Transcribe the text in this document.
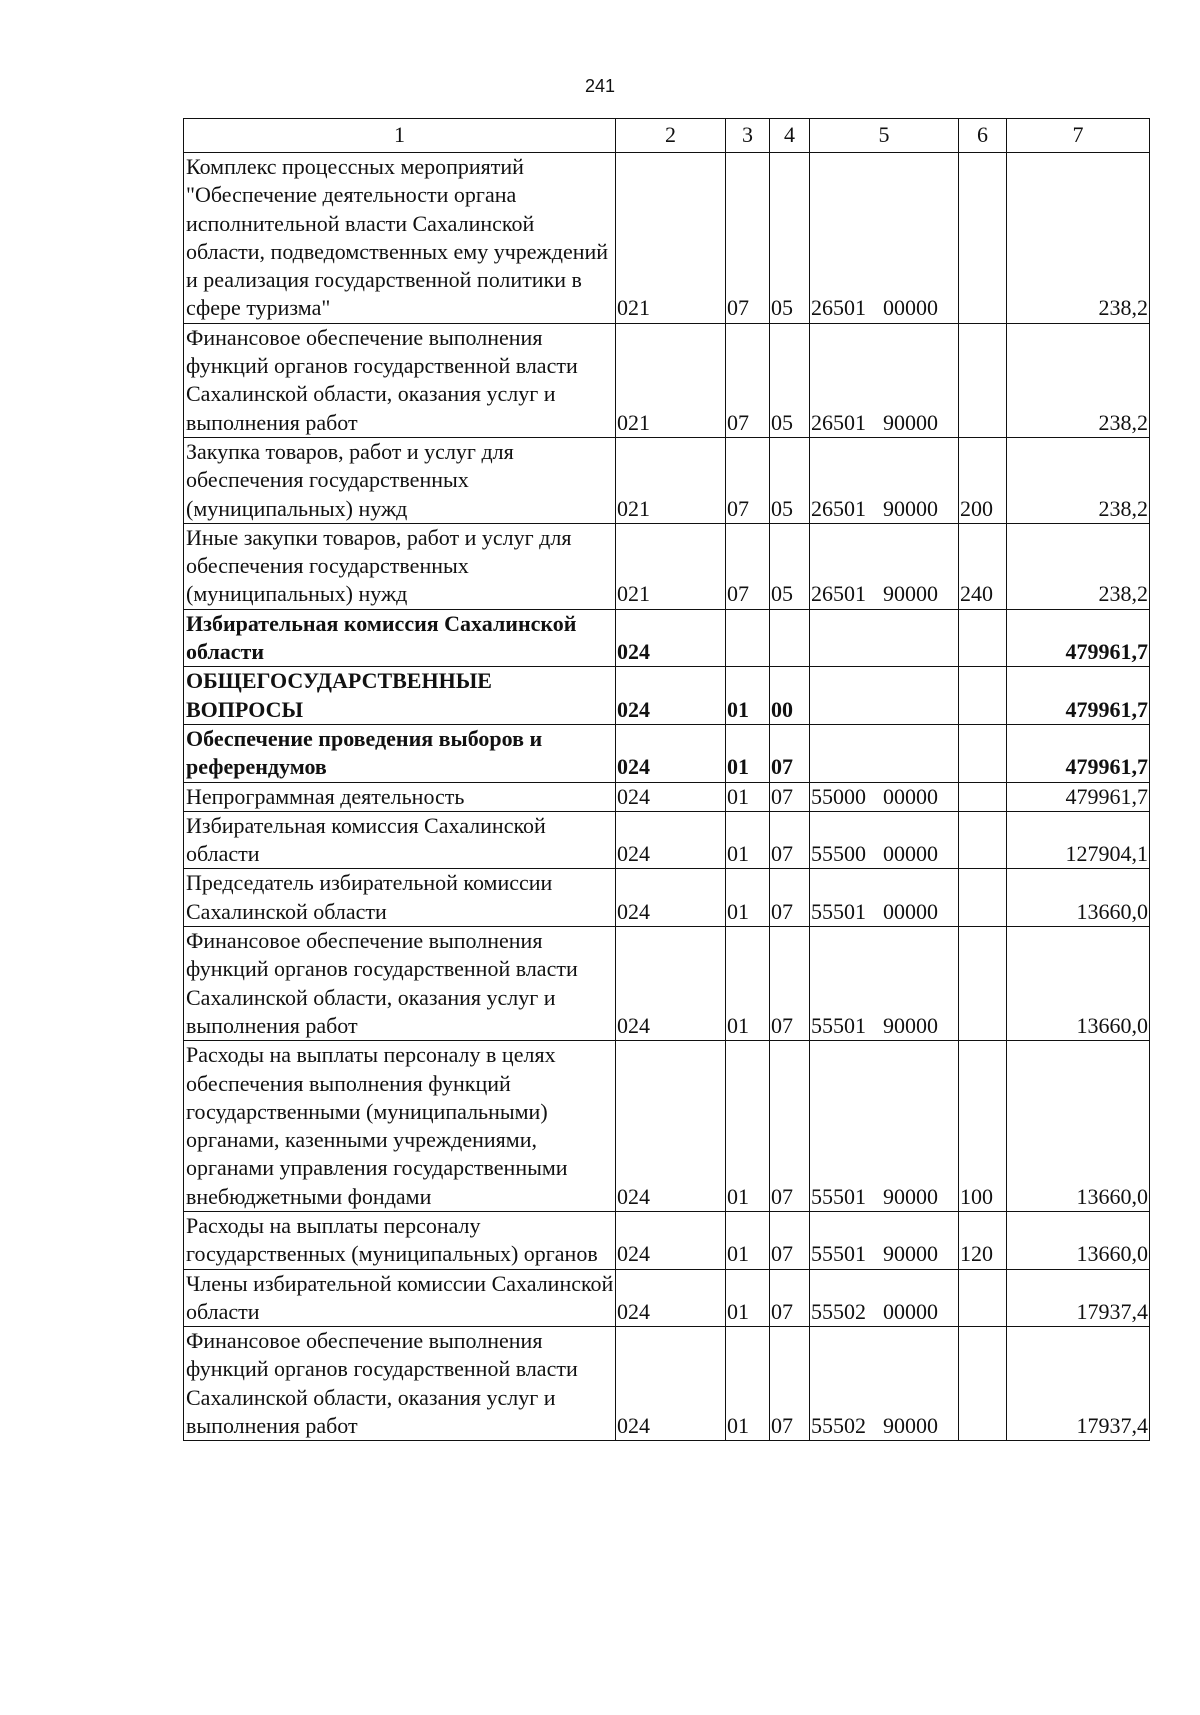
241
1	2	3	4	5	6	7
Комплекс процессных мероприятий "Обеспечение деятельности органа исполнительной власти Сахалинской области, подведомственных ему учреждений и реализация государственной политики в сфере туризма"	021	07	05	26501 00000		238,2
Финансовое обеспечение выполнения функций органов государственной власти Сахалинской области, оказания услуг и выполнения работ	021	07	05	26501 90000		238,2
Закупка товаров, работ и услуг для обеспечения государственных (муниципальных) нужд	021	07	05	26501 90000	200	238,2
Иные закупки товаров, работ и услуг для обеспечения государственных (муниципальных) нужд	021	07	05	26501 90000	240	238,2
Избирательная комиссия Сахалинской области	024					479961,7
ОБЩЕГОСУДАРСТВЕННЫЕ ВОПРОСЫ	024	01	00			479961,7
Обеспечение проведения выборов и референдумов	024	01	07			479961,7
Непрограммная деятельность	024	01	07	55000 00000		479961,7
Избирательная комиссия Сахалинской области	024	01	07	55500 00000		127904,1
Председатель избирательной комиссии Сахалинской области	024	01	07	55501 00000		13660,0
Финансовое обеспечение выполнения функций органов государственной власти Сахалинской области, оказания услуг и выполнения работ	024	01	07	55501 90000		13660,0
Расходы на выплаты персоналу в целях обеспечения выполнения функций государственными (муниципальными) органами, казенными учреждениями, органами управления государственными внебюджетными фондами	024	01	07	55501 90000	100	13660,0
Расходы на выплаты персоналу государственных (муниципальных) органов	024	01	07	55501 90000	120	13660,0
Члены избирательной комиссии Сахалинской области	024	01	07	55502 00000		17937,4
Финансовое обеспечение выполнения функций органов государственной власти Сахалинской области, оказания услуг и выполнения работ	024	01	07	55502 90000		17937,4
